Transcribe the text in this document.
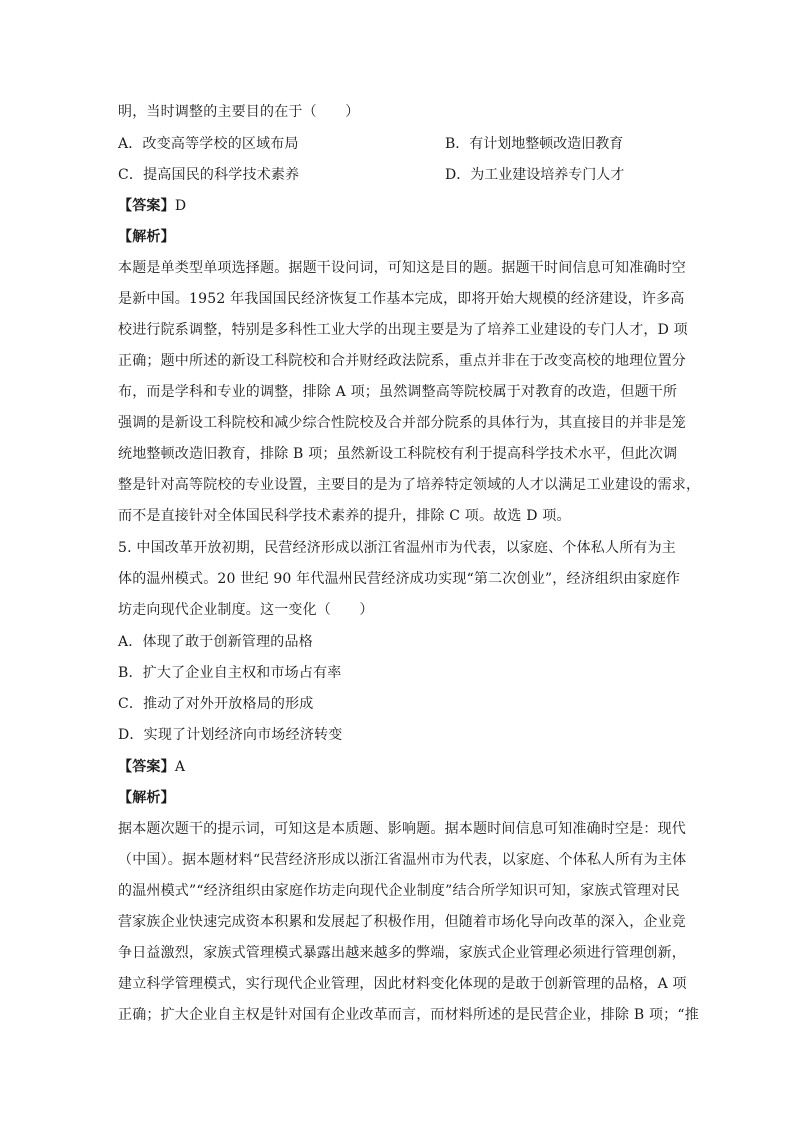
明，当时调整的主要目的在于（　　）
A．改变高等学校的区域布局	B．有计划地整顿改造旧教育
C．提高国民的科学技术素养	D．为工业建设培养专门人才
【答案】D
【解析】
本题是单类型单项选择题。据题干设问词，可知这是目的题。据题干时间信息可知准确时空
是新中国。1952 年我国国民经济恢复工作基本完成，即将开始大规模的经济建设，许多高
校进行院系调整，特别是多科性工业大学的出现主要是为了培养工业建设的专门人才，D 项
正确；题中所述的新设工科院校和合并财经政法院系，重点并非在于改变高校的地理位置分
布，而是学科和专业的调整，排除 A 项；虽然调整高等院校属于对教育的改造，但题干所
强调的是新设工科院校和减少综合性院校及合并部分院系的具体行为，其直接目的并非是笼
统地整顿改造旧教育，排除 B 项；虽然新设工科院校有利于提高科学技术水平，但此次调
整是针对高等院校的专业设置，主要目的是为了培养特定领域的人才以满足工业建设的需求，
而不是直接针对全体国民科学技术素养的提升，排除 C 项。故选 D 项。
5. 中国改革开放初期，民营经济形成以浙江省温州市为代表，以家庭、个体私人所有为主
体的温州模式。20 世纪 90 年代温州民营经济成功实现“第二次创业”，经济组织由家庭作
坊走向现代企业制度。这一变化（　　）
A．体现了敢于创新管理的品格
B．扩大了企业自主权和市场占有率
C．推动了对外开放格局的形成
D．实现了计划经济向市场经济转变
【答案】A
【解析】
据本题次题干的提示词，可知这是本质题、影响题。据本题时间信息可知准确时空是：现代
（中国）。据本题材料“民营经济形成以浙江省温州市为代表，以家庭、个体私人所有为主体
的温州模式”“经济组织由家庭作坊走向现代企业制度”结合所学知识可知，家族式管理对民
营家族企业快速完成资本积累和发展起了积极作用，但随着市场化导向改革的深入，企业竞
争日益激烈，家族式管理模式暴露出越来越多的弊端，家族式企业管理必须进行管理创新，
建立科学管理模式，实行现代企业管理，因此材料变化体现的是敢于创新管理的品格，A 项
正确；扩大企业自主权是针对国有企业改革而言，而材料所述的是民营企业，排除 B 项；“推
